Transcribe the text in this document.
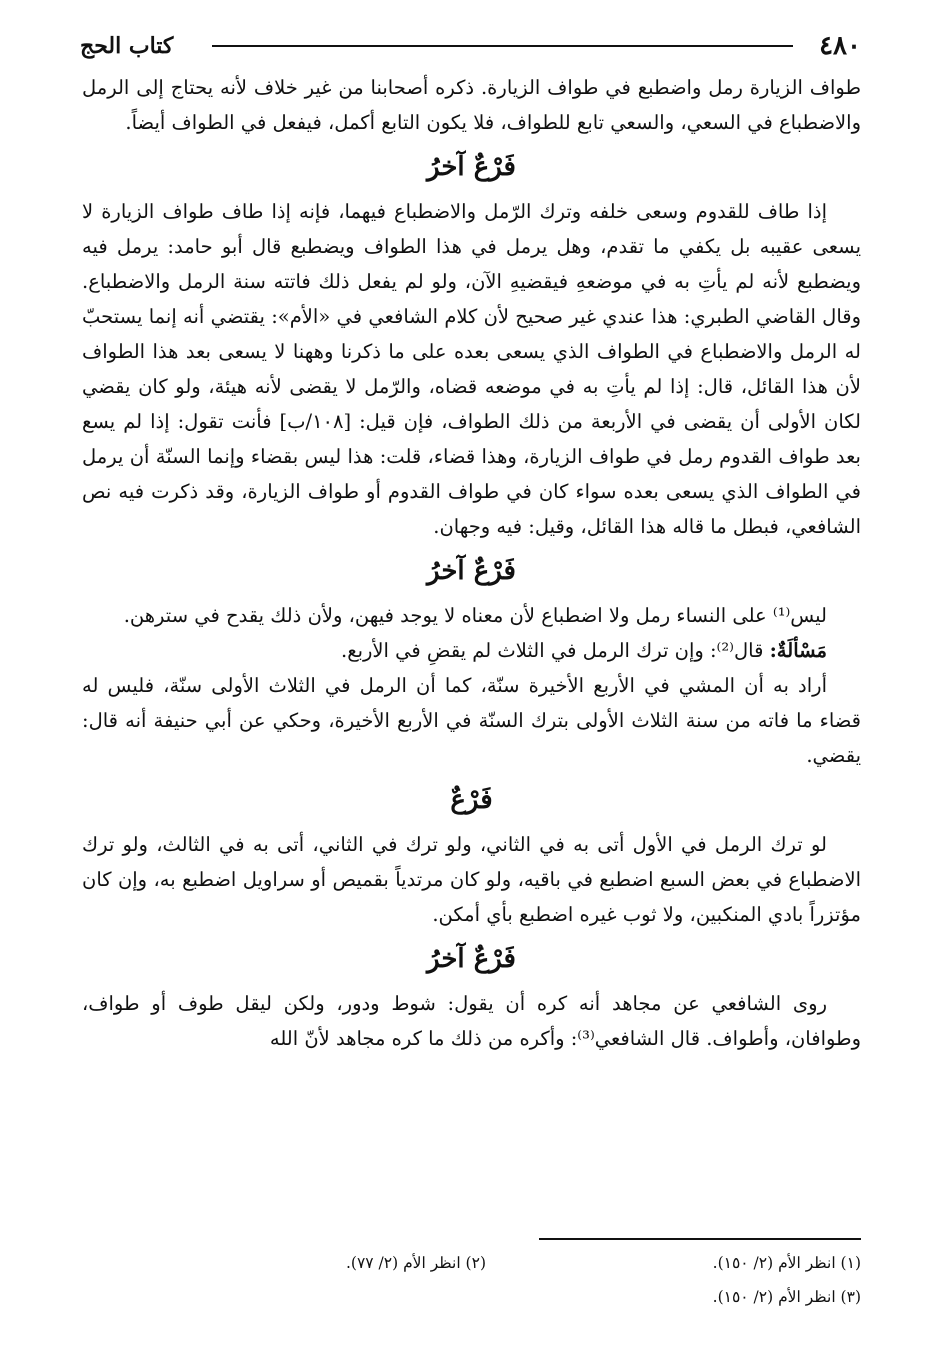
٤٨٠
كتاب الحج

طواف الزيارة رمل واضطبع في طواف الزيارة. ذكره أصحابنا من غير خلاف لأنه يحتاج إلى الرمل والاضطباع في السعي، والسعي تابع للطواف، فلا يكون التابع أكمل، فيفعل في الطواف أيضاً.

فَرْعٌ آخرُ

إذا طاف للقدوم وسعى خلفه وترك الرّمل والاضطباع فيهما، فإنه إذا طاف طواف الزيارة لا يسعى عقيبه بل يكفي ما تقدم، وهل يرمل في هذا الطواف ويضطبع قال أبو حامد: يرمل فيه ويضطبع لأنه لم يأتِ به في موضعهِ فيقضيهِ الآن، ولو لم يفعل ذلك فاتته سنة الرمل والاضطباع. وقال القاضي الطبري: هذا عندي غير صحيح لأن كلام الشافعي في «الأم»: يقتضي أنه إنما يستحبّ له الرمل والاضطباع في الطواف الذي يسعى بعده على ما ذكرنا وههنا لا يسعى بعد هذا الطواف لأن هذا القائل، قال: إذا لم يأتِ به في موضعه قضاه، والرّمل لا يقضى لأنه هيئة، ولو كان يقضي لكان الأولى أن يقضى في الأربعة من ذلك الطواف، فإن قيل: [١٠٨/ب] فأنت تقول: إذا لم يسع بعد طواف القدوم رمل في طواف الزيارة، وهذا قضاء، قلت: هذا ليس بقضاء وإنما السنّة أن يرمل في الطواف الذي يسعى بعده سواء كان في طواف القدوم أو طواف الزيارة، وقد ذكرت فيه نص الشافعي، فبطل ما قاله هذا القائل، وقيل: فيه وجهان.

فَرْعٌ آخرُ

ليس⁽¹⁾ على النساء رمل ولا اضطباع لأن معناه لا يوجد فيهن، ولأن ذلك يقدح في سترهن.

مَسْألَةٌ: قال⁽²⁾: وإن ترك الرمل في الثلاث لم يقضِ في الأربع.

أراد به أن المشي في الأربع الأخيرة سنّة، كما أن الرمل في الثلاث الأولى سنّة، فليس له قضاء ما فاته من سنة الثلاث الأولى بترك السنّة في الأربع الأخيرة، وحكي عن أبي حنيفة أنه قال: يقضي.

فَرْعٌ

لو ترك الرمل في الأول أتى به في الثاني، ولو ترك في الثاني، أتى به في الثالث، ولو ترك الاضطباع في بعض السبع اضطبع في باقيه، ولو كان مرتدياً بقميص أو سراويل اضطبع به، وإن كان مؤتزراً بادي المنكبين، ولا ثوب غيره اضطبع بأي أمكن.

فَرْعٌ آخرُ

روى الشافعي عن مجاهد أنه كره أن يقول: شوط ودور، ولكن ليقل طوف أو طواف، وطوافان، وأطواف. قال الشافعي⁽³⁾: وأكره من ذلك ما كره مجاهد لأنّ الله

(١) انظر الأم (٢/ ١٥٠).
(٢) انظر الأم (٢/ ٧٧).
(٣) انظر الأم (٢/ ١٥٠).
